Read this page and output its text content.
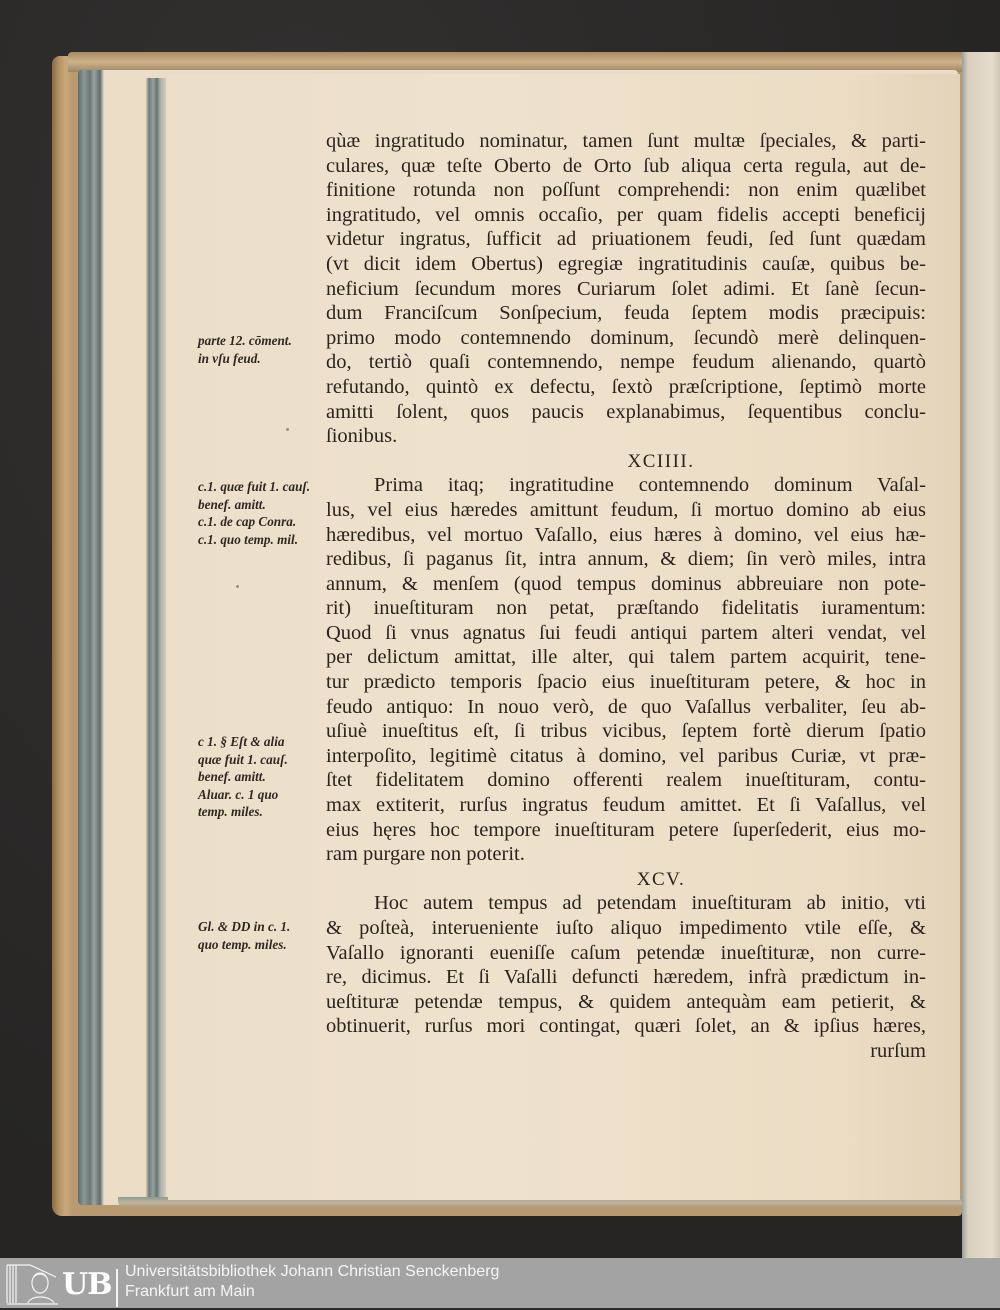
parte 12. cōment.
in vſu feud.
c.1. quæ fuit 1. cauſ.
benef. amitt.
c.1. de cap Conra.
c.1. quo temp. mil.
c 1. § Eſt & alia
quæ fuit 1. cauſ.
benef. amitt.
Aluar. c. 1 quo
temp. miles.
Gl. & DD in c. 1.
quo temp. miles.
qùæ ingratitudo nominatur, tamen ſunt multæ ſpeciales, & parti-
culares, quæ teſte Oberto de Orto ſub aliqua certa regula, aut de-
finitione rotunda non poſſunt comprehendi: non enim quælibet
ingratitudo, vel omnis occaſio, per quam fidelis accepti beneficij
videtur ingratus, ſufficit ad priuationem feudi, ſed ſunt quædam
(vt dicit idem Obertus) egregiæ ingratitudinis cauſæ, quibus be-
neficium ſecundum mores Curiarum ſolet adimi. Et ſanè ſecun-
dum Franciſcum Sonſpecium, feuda ſeptem modis præcipuis:
primo modo contemnendo dominum, ſecundò merè delinquen-
do, tertiò quaſi contemnendo, nempe feudum alienando, quartò
refutando, quintò ex defectu, ſextò præſcriptione, ſeptimò morte
amitti ſolent, quos paucis explanabimus, ſequentibus conclu-
ſionibus.
XCIIII.
Prima itaq; ingratitudine contemnendo dominum Vaſal-
lus, vel eius hæredes amittunt feudum, ſi mortuo domino ab eius
hæredibus, vel mortuo Vaſallo, eius hæres à domino, vel eius hæ-
redibus, ſi paganus ſit, intra annum, & diem; ſin verò miles, intra
annum, & menſem (quod tempus dominus abbreuiare non pote-
rit) inueſtituram non petat, præſtando fidelitatis iuramentum:
Quod ſi vnus agnatus ſui feudi antiqui partem alteri vendat, vel
per delictum amittat, ille alter, qui talem partem acquirit, tene-
tur prædicto temporis ſpacio eius inueſtituram petere, & hoc in
feudo antiquo: In nouo verò, de quo Vaſallus verbaliter, ſeu ab-
uſiuè inueſtitus eſt, ſi tribus vicibus, ſeptem fortè dierum ſpatio
interpoſito, legitimè citatus à domino, vel paribus Curiæ, vt præ-
ſtet fidelitatem domino offerenti realem inueſtituram, contu-
max extiterit, rurſus ingratus feudum amittet. Et ſi Vaſallus, vel
eius hęres hoc tempore inueſtituram petere ſuperſederit, eius mo-
ram purgare non poterit.
XCV.
Hoc autem tempus ad petendam inueſtituram ab initio, vti
& poſteà, interueniente iuſto aliquo impedimento vtile eſſe, &
Vaſallo ignoranti eueniſſe caſum petendæ inueſtituræ, non curre-
re, dicimus. Et ſi Vaſalli defuncti hæredem, infrà prædictum in-
ueſtituræ petendæ tempus, & quidem antequàm eam petierit, &
obtinuerit, rurſus mori contingat, quæri ſolet, an & ipſius hæres,
rurſum
UB Universitätsbibliothek Johann Christian Senckenberg
Frankfurt am Main
